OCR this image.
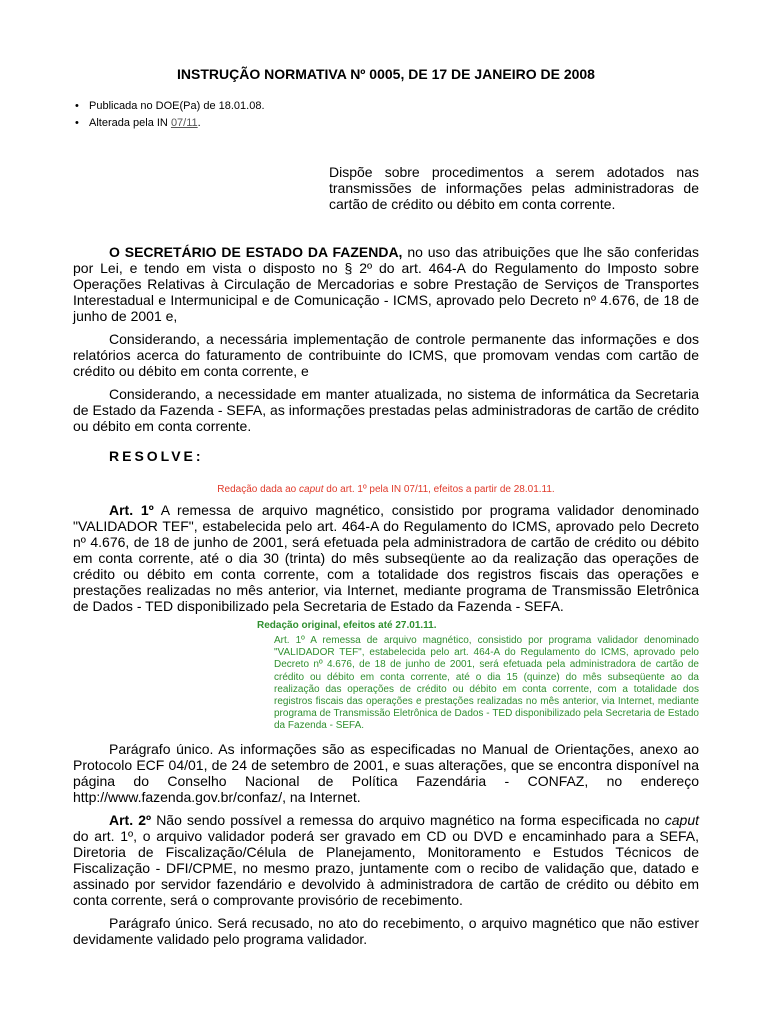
INSTRUÇÃO NORMATIVA Nº 0005, DE 17 DE JANEIRO DE 2008
• Publicada no DOE(Pa) de 18.01.08.
• Alterada pela IN 07/11.
Dispõe sobre procedimentos a serem adotados nas transmissões de informações pelas administradoras de cartão de crédito ou débito em conta corrente.

O SECRETÁRIO DE ESTADO DA FAZENDA, no uso das atribuições que lhe são conferidas por Lei, e tendo em vista o disposto no § 2º do art. 464-A do Regulamento do Imposto sobre Operações Relativas à Circulação de Mercadorias e sobre Prestação de Serviços de Transportes Interestadual e Intermunicipal e de Comunicação - ICMS, aprovado pelo Decreto nº 4.676, de 18 de junho de 2001 e,

Considerando, a necessária implementação de controle permanente das informações e dos relatórios acerca do faturamento de contribuinte do ICMS, que promovam vendas com cartão de crédito ou débito em conta corrente, e

Considerando, a necessidade em manter atualizada, no sistema de informática da Secretaria de Estado da Fazenda - SEFA, as informações prestadas pelas administradoras de cartão de crédito ou débito em conta corrente.

RESOLVE:
Redação dada ao caput do art. 1º pela IN 07/11, efeitos a partir de 28.01.11.

Art. 1º A remessa de arquivo magnético, consistido por programa validador denominado "VALIDADOR TEF", estabelecida pelo art. 464-A do Regulamento do ICMS, aprovado pelo Decreto nº 4.676, de 18 de junho de 2001, será efetuada pela administradora de cartão de crédito ou débito em conta corrente, até o dia 30 (trinta) do mês subseqüente ao da realização das operações de crédito ou débito em conta corrente, com a totalidade dos registros fiscais das operações e prestações realizadas no mês anterior, via Internet, mediante programa de Transmissão Eletrônica de Dados - TED disponibilizado pela Secretaria de Estado da Fazenda - SEFA.

Redação original, efeitos até 27.01.11.
Art. 1º A remessa de arquivo magnético, consistido por programa validador denominado "VALIDADOR TEF", estabelecida pelo art. 464-A do Regulamento do ICMS, aprovado pelo Decreto nº 4.676, de 18 de junho de 2001, será efetuada pela administradora de cartão de crédito ou débito em conta corrente, até o dia 15 (quinze) do mês subseqüente ao da realização das operações de crédito ou débito em conta corrente, com a totalidade dos registros fiscais das operações e prestações realizadas no mês anterior, via Internet, mediante programa de Transmissão Eletrônica de Dados - TED disponibilizado pela Secretaria de Estado da Fazenda - SEFA.

Parágrafo único. As informações são as especificadas no Manual de Orientações, anexo ao Protocolo ECF 04/01, de 24 de setembro de 2001, e suas alterações, que se encontra disponível na página do Conselho Nacional de Política Fazendária - CONFAZ, no endereço http://www.fazenda.gov.br/confaz/, na Internet.

Art. 2º Não sendo possível a remessa do arquivo magnético na forma especificada no caput do art. 1º, o arquivo validador poderá ser gravado em CD ou DVD e encaminhado para a SEFA, Diretoria de Fiscalização/Célula de Planejamento, Monitoramento e Estudos Técnicos de Fiscalização - DFI/CPME, no mesmo prazo, juntamente com o recibo de validação que, datado e assinado por servidor fazendário e devolvido à administradora de cartão de crédito ou débito em conta corrente, será o comprovante provisório de recebimento.

Parágrafo único. Será recusado, no ato do recebimento, o arquivo magnético que não estiver devidamente validado pelo programa validador.
